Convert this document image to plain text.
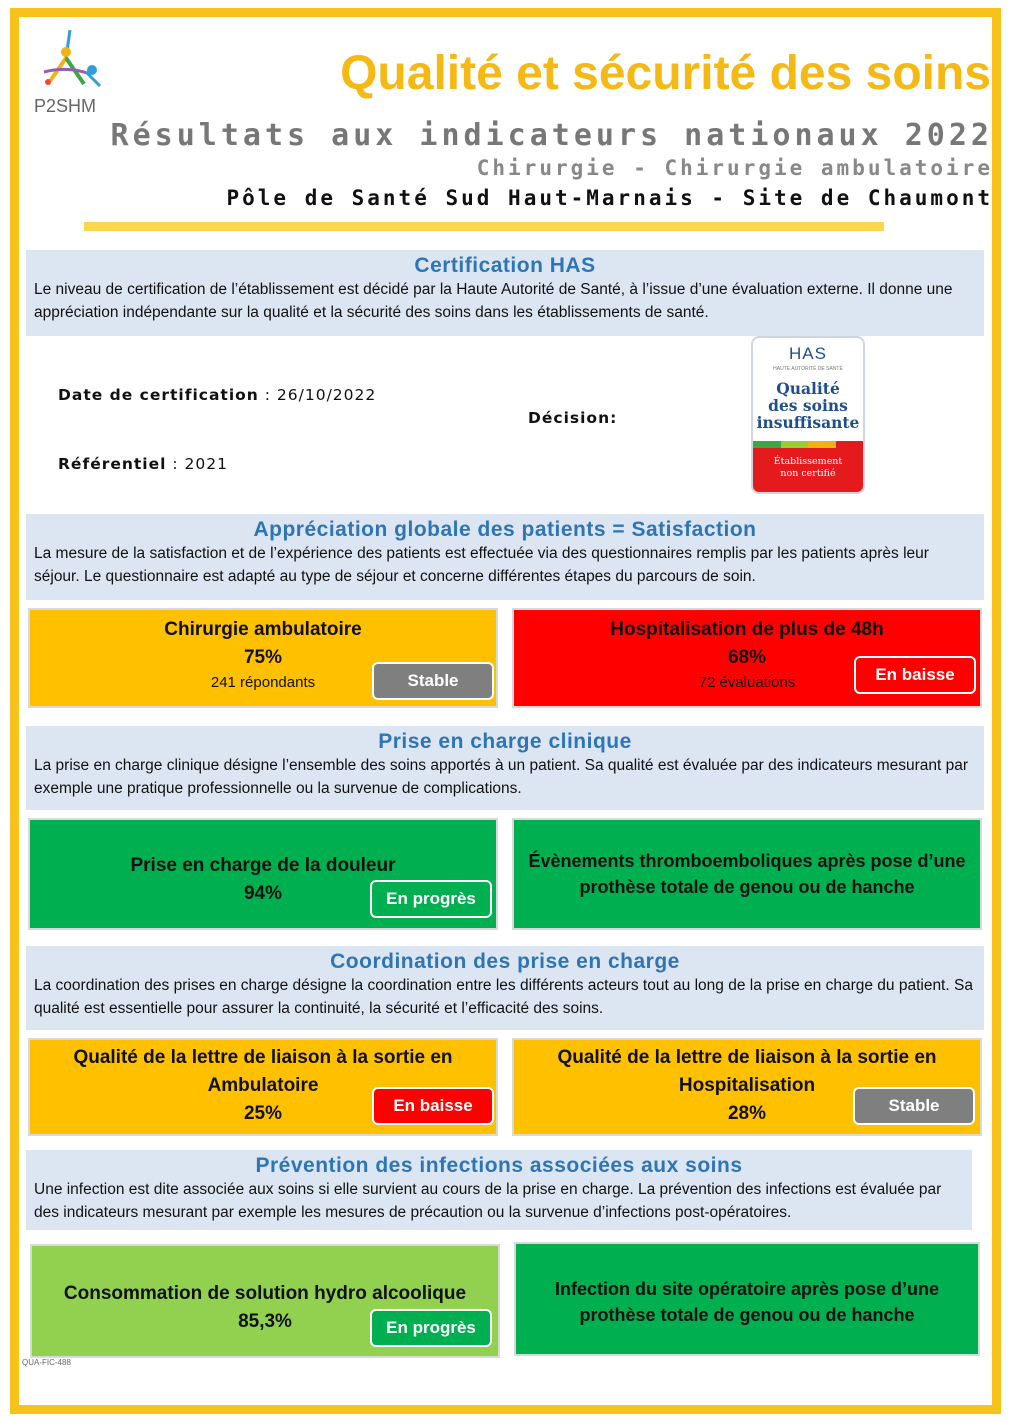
P2SHM
Qualité et sécurité des soins
Résultats aux indicateurs nationaux 2022
Chirurgie - Chirurgie ambulatoire
Pôle de Santé Sud Haut-Marnais - Site de Chaumont
Certification HAS
Le niveau de certification de l’établissement est décidé par la Haute Autorité de Santé, à l’issue d’une évaluation externe. Il donne une appréciation indépendante sur la qualité et la sécurité des soins dans les établissements de santé.
Date de certification : 26/10/2022
Référentiel : 2021
Décision:
HAS
HAUTE AUTORITÉ DE SANTÉ
Qualité
des soins
insuffisante
Établissement
non certifié
Appréciation globale des patients = Satisfaction
La mesure de la satisfaction et de l’expérience des patients est effectuée via des questionnaires remplis par les patients après leur séjour. Le questionnaire est adapté au type de séjour et concerne différentes étapes du parcours de soin.
Chirurgie ambulatoire
75%
241 répondants	Stable
Hospitalisation de plus de 48h
68%
72 évaluations	En baisse
Prise en charge clinique
La prise en charge clinique désigne l’ensemble des soins apportés à un patient. Sa qualité est évaluée par des indicateurs mesurant par exemple une pratique professionnelle ou la survenue de complications.
Prise en charge de la douleur
94%	En progrès
Évènements thromboemboliques après pose d’une
prothèse totale de genou ou de hanche
Coordination des prise en charge
La coordination des prises en charge désigne la coordination entre les différents acteurs tout au long de la prise en charge du patient. Sa qualité est essentielle pour assurer la continuité, la sécurité et l’efficacité des soins.
Qualité de la lettre de liaison à la sortie en
Ambulatoire
25%	En baisse
Qualité de la lettre de liaison à la sortie en
Hospitalisation
28%	Stable
Prévention des infections associées aux soins
Une infection est dite associée aux soins si elle survient au cours de la prise en charge. La prévention des infections est évaluée par des indicateurs mesurant par exemple les mesures de précaution ou la survenue d’infections post-opératoires.
Consommation de solution hydro alcoolique
85,3%	En progrès
Infection du site opératoire après pose d’une
prothèse totale de genou ou de hanche
QUA-FIC-488
